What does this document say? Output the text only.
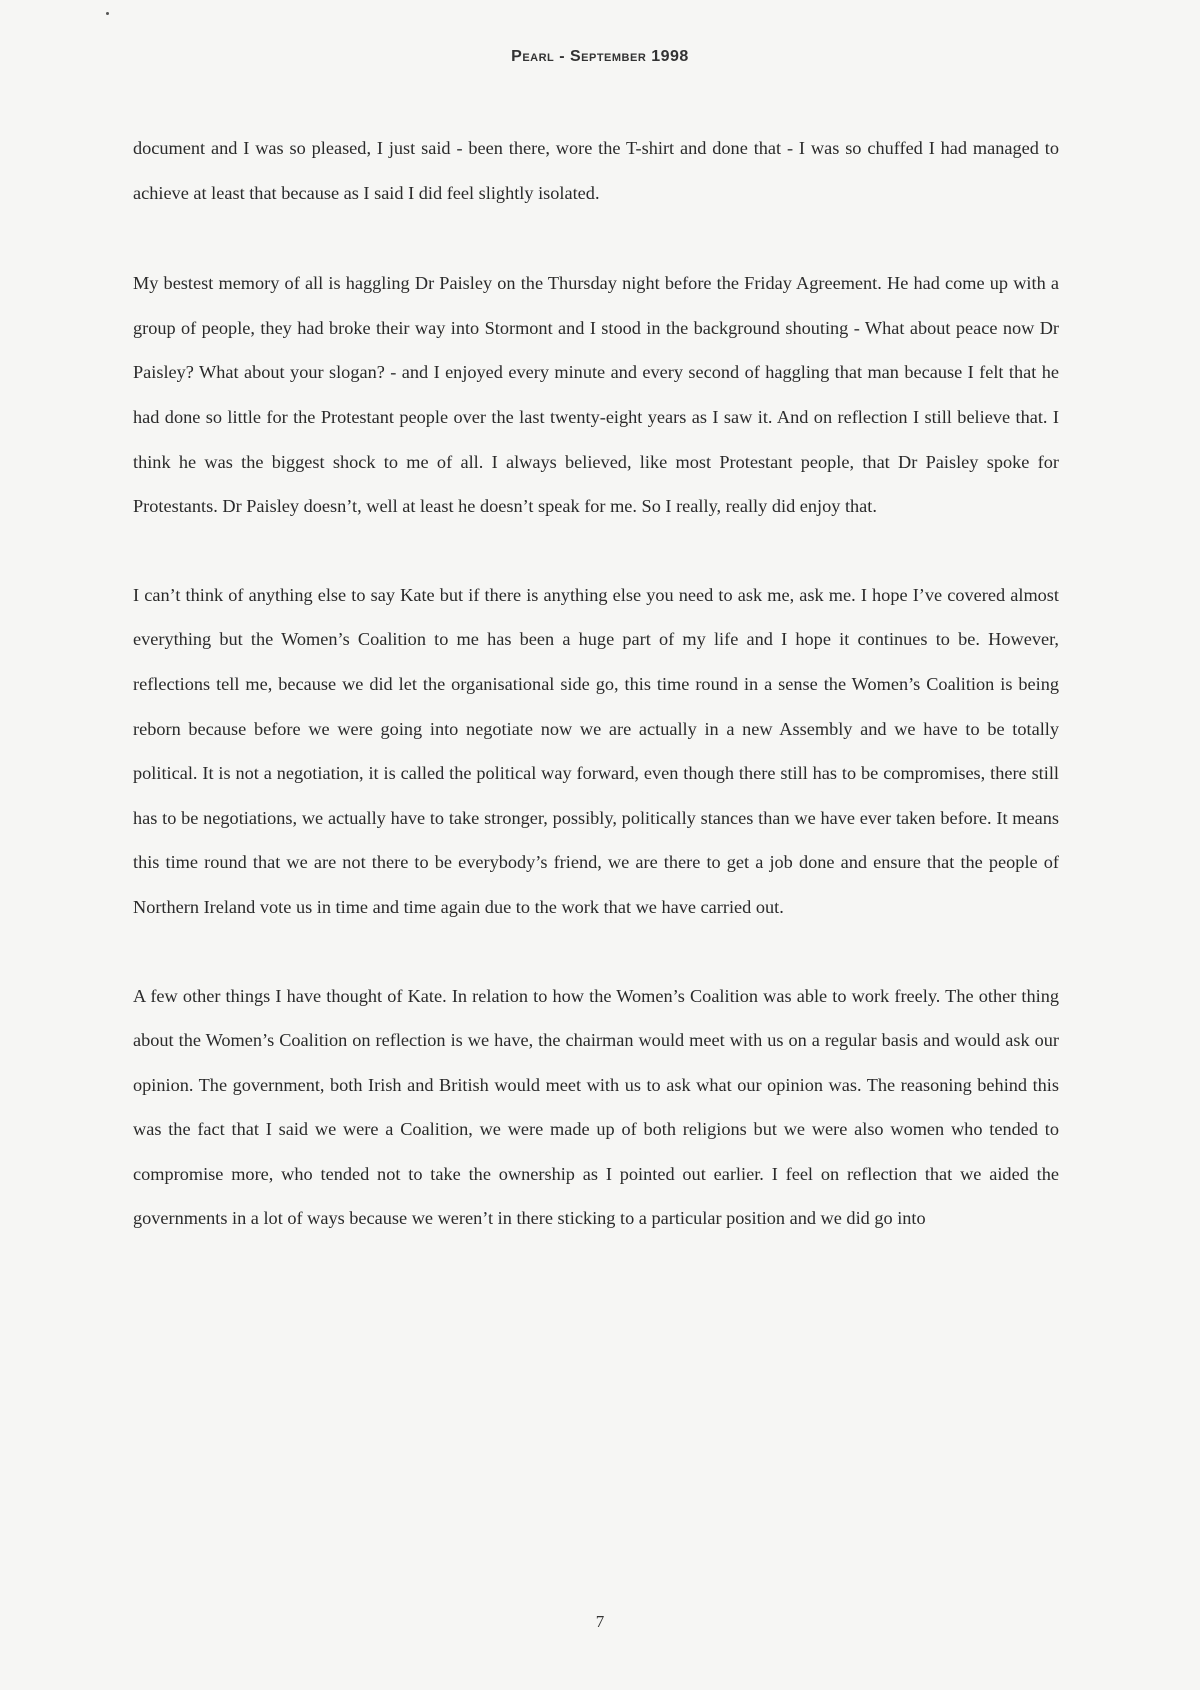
Pearl - September 1998

document and I was so pleased, I just said - been there, wore the T-shirt and done that - I was so chuffed I had managed to achieve at least that because as I said I did feel slightly isolated.

My bestest memory of all is haggling Dr Paisley on the Thursday night before the Friday Agreement. He had come up with a group of people, they had broke their way into Stormont and I stood in the background shouting - What about peace now Dr Paisley? What about your slogan? - and I enjoyed every minute and every second of haggling that man because I felt that he had done so little for the Protestant people over the last twenty-eight years as I saw it. And on reflection I still believe that. I think he was the biggest shock to me of all. I always believed, like most Protestant people, that Dr Paisley spoke for Protestants. Dr Paisley doesn’t, well at least he doesn’t speak for me. So I really, really did enjoy that.

I can’t think of anything else to say Kate but if there is anything else you need to ask me, ask me. I hope I’ve covered almost everything but the Women’s Coalition to me has been a huge part of my life and I hope it continues to be. However, reflections tell me, because we did let the organisational side go, this time round in a sense the Women’s Coalition is being reborn because before we were going into negotiate now we are actually in a new Assembly and we have to be totally political. It is not a negotiation, it is called the political way forward, even though there still has to be compromises, there still has to be negotiations, we actually have to take stronger, possibly, politically stances than we have ever taken before. It means this time round that we are not there to be everybody’s friend, we are there to get a job done and ensure that the people of Northern Ireland vote us in time and time again due to the work that we have carried out.

A few other things I have thought of Kate. In relation to how the Women’s Coalition was able to work freely. The other thing about the Women’s Coalition on reflection is we have, the chairman would meet with us on a regular basis and would ask our opinion. The government, both Irish and British would meet with us to ask what our opinion was. The reasoning behind this was the fact that I said we were a Coalition, we were made up of both religions but we were also women who tended to compromise more, who tended not to take the ownership as I pointed out earlier. I feel on reflection that we aided the governments in a lot of ways because we weren’t in there sticking to a particular position and we did go into

7
